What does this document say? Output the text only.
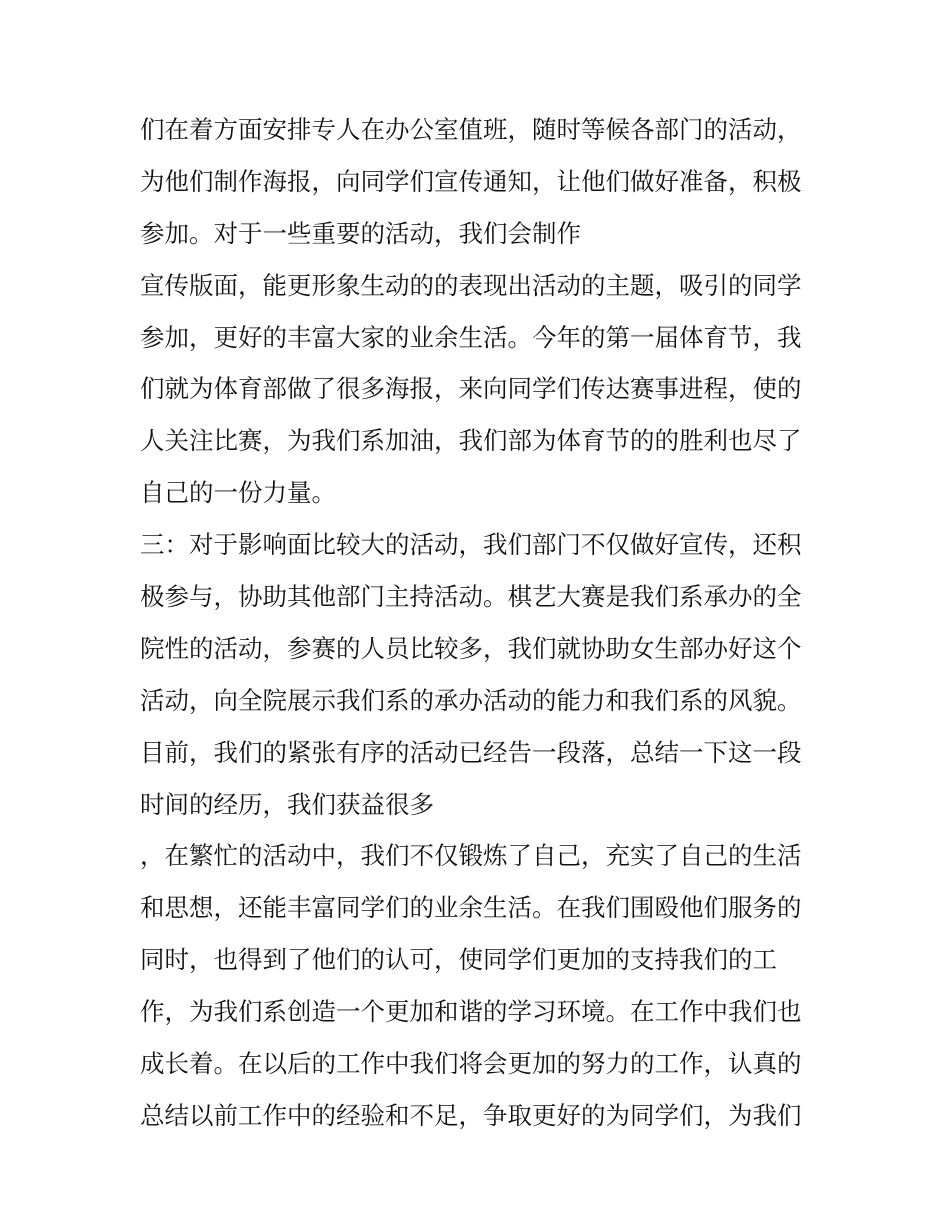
们在着方面安排专人在办公室值班，随时等候各部门的活动，
为他们制作海报，向同学们宣传通知，让他们做好准备，积极
参加。对于一些重要的活动，我们会制作
宣传版面，能更形象生动的的表现出活动的主题，吸引的同学
参加，更好的丰富大家的业余生活。今年的第一届体育节，我
们就为体育部做了很多海报，来向同学们传达赛事进程，使的
人关注比赛，为我们系加油，我们部为体育节的的胜利也尽了
自己的一份力量。
三：对于影响面比较大的活动，我们部门不仅做好宣传，还积
极参与，协助其他部门主持活动。棋艺大赛是我们系承办的全
院性的活动，参赛的人员比较多，我们就协助女生部办好这个
活动，向全院展示我们系的承办活动的能力和我们系的风貌。
目前，我们的紧张有序的活动已经告一段落，总结一下这一段
时间的经历，我们获益很多
，在繁忙的活动中，我们不仅锻炼了自己，充实了自己的生活
和思想，还能丰富同学们的业余生活。在我们围殴他们服务的
同时，也得到了他们的认可，使同学们更加的支持我们的工
作，为我们系创造一个更加和谐的学习环境。在工作中我们也
成长着。在以后的工作中我们将会更加的努力的工作，认真的
总结以前工作中的经验和不足，争取更好的为同学们，为我们
